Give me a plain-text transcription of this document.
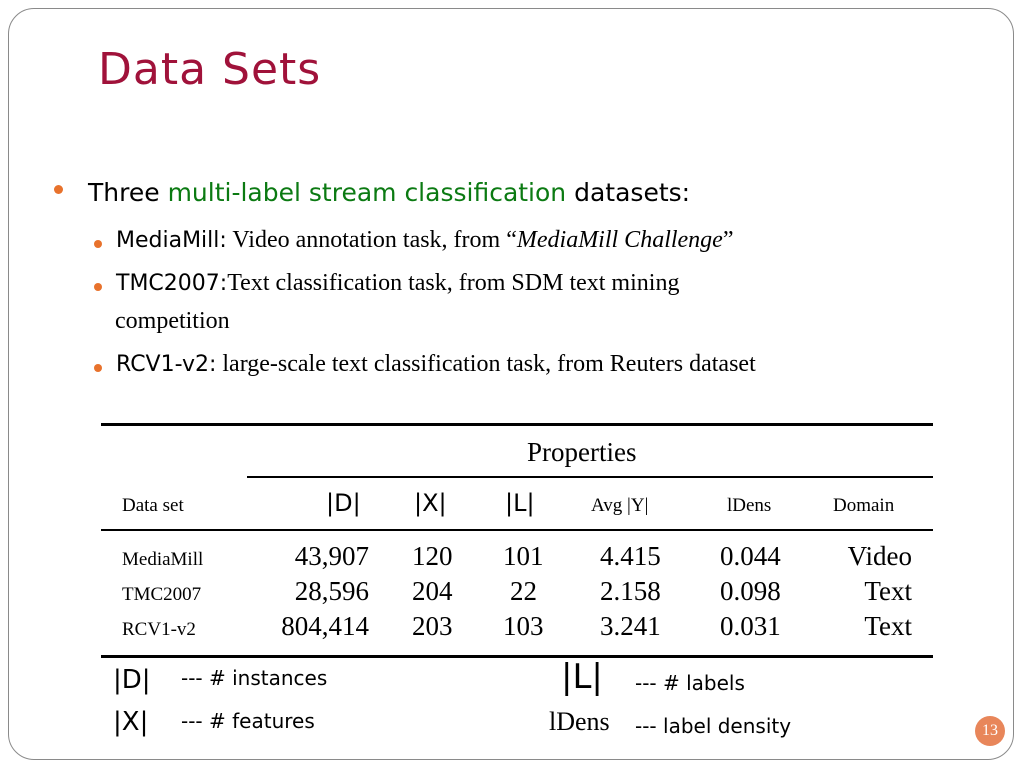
Data Sets
Three multi-label stream classification datasets:
MediaMill: Video annotation task, from “MediaMill Challenge”
TMC2007:Text classification task, from SDM text mining
competition
RCV1-v2: large-scale text classification task, from Reuters dataset
Properties
Data set	|D| |X| |L|	Avg |Y|	lDens	Domain
MediaMill	43,907 120 101 4.415 0.044 Video
TMC2007	28,596 204 22 2.158 0.098	Text
RCV1-v2	804,414 203 103 3.241 0.031	Text
|D| --- # instances
|X| --- # features
|L| --- # labels
lDens --- label density	13
